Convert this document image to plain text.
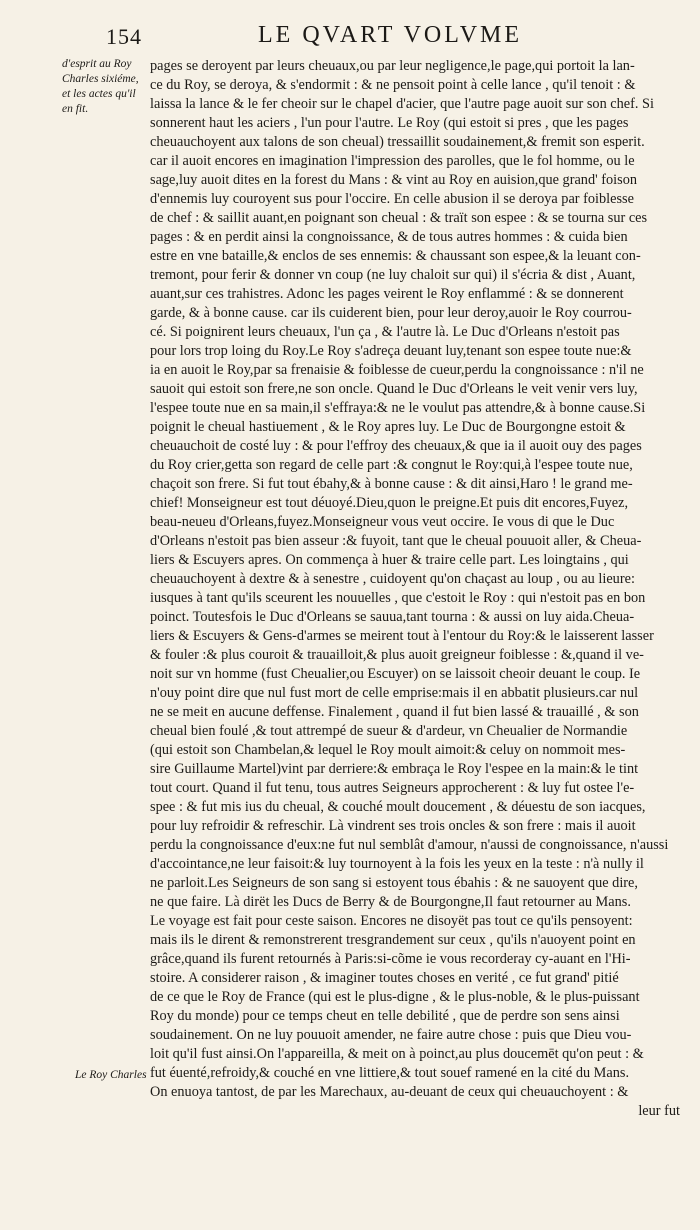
154	LE QVART VOLVME
d'esprit au Roy
Charles sixiéme,
et les actes qu'il
en fit.
Le Roy Charles
pages se deroyent par leurs cheuaux,ou par leur negligence,le page,qui portoit la lan-
ce du Roy, se deroya, & s'endormit : & ne pensoit point à celle lance , qu'il tenoit : &
laissa la lance & le fer cheoir sur le chapel d'acier, que l'autre page auoit sur son chef. Si
sonnerent haut les aciers , l'un pour l'autre. Le Roy (qui estoit si pres , que les pages
cheuauchoyent aux talons de son cheual) tressaillit soudainement,& fremit son esperit.
car il auoit encores en imagination l'impression des parolles, que le fol homme, ou le
sage,luy auoit dites en la forest du Mans : & vint au Roy en auision,que grand' foison
d'ennemis luy couroyent sus pour l'occire. En celle abusion il se deroya par foiblesse
de chef : & saillit auant,en poignant son cheual : & traït son espee : & se tourna sur ces
pages : & en perdit ainsi la congnoissance, & de tous autres hommes : & cuida bien
estre en vne bataille,& enclos de ses ennemis: & chaussant son espee,& la leuant con-
tremont, pour ferir & donner vn coup (ne luy chaloit sur qui) il s'écria & dist , Auant,
auant,sur ces trahistres. Adonc les pages veirent le Roy enflammé : & se donnerent
garde, & à bonne cause. car ils cuiderent bien, pour leur deroy,auoir le Roy courrou-
cé. Si poignirent leurs cheuaux, l'un ça , & l'autre là. Le Duc d'Orleans n'estoit pas
pour lors trop loing du Roy.Le Roy s'adreça deuant luy,tenant son espee toute nue:&
ia en auoit le Roy,par sa frenaisie & foiblesse de cueur,perdu la congnoissance : n'il ne
sauoit qui estoit son frere,ne son oncle. Quand le Duc d'Orleans le veit venir vers luy,
l'espee toute nue en sa main,il s'effraya:& ne le voulut pas attendre,& à bonne cause.Si
poignit le cheual hastiuement , & le Roy apres luy. Le Duc de Bourgongne estoit &
cheuauchoit de costé luy : & pour l'effroy des cheuaux,& que ia il auoit ouy des pages
du Roy crier,getta son regard de celle part :& congnut le Roy:qui,à l'espee toute nue,
chaçoit son frere. Si fut tout ébahy,& à bonne cause : & dit ainsi,Haro ! le grand me-
chief! Monseigneur est tout déuoyé.Dieu,quon le preigne.Et puis dit encores,Fuyez,
beau-neueu d'Orleans,fuyez.Monseigneur vous veut occire. Ie vous di que le Duc
d'Orleans n'estoit pas bien asseur :& fuyoit, tant que le cheual pouuoit aller, & Cheua-
liers & Escuyers apres. On commença à huer & traire celle part. Les loingtains , qui
cheuauchoyent à dextre & à senestre , cuidoyent qu'on chaçast au loup , ou au lieure:
iusques à tant qu'ils sceurent les nouuelles , que c'estoit le Roy : qui n'estoit pas en bon
poinct. Toutesfois le Duc d'Orleans se sauua,tant tourna : & aussi on luy aida.Cheua-
liers & Escuyers & Gens-d'armes se meirent tout à l'entour du Roy:& le laisserent lasser
& fouler :& plus couroit & trauailloit,& plus auoit greigneur foiblesse : &,quand il ve-
noit sur vn homme (fust Cheualier,ou Escuyer) on se laissoit cheoir deuant le coup. Ie
n'ouy point dire que nul fust mort de celle emprise:mais il en abbatit plusieurs.car nul
ne se meit en aucune deffense. Finalement , quand il fut bien lassé & trauaillé , & son
cheual bien foulé ,& tout attrempé de sueur & d'ardeur, vn Cheualier de Normandie
(qui estoit son Chambelan,& lequel le Roy moult aimoit:& celuy on nommoit mes-
sire Guillaume Martel)vint par derriere:& embraça le Roy l'espee en la main:& le tint
tout court. Quand il fut tenu, tous autres Seigneurs approcherent : & luy fut ostee l'e-
spee : & fut mis ius du cheual, & couché moult doucement , & déuestu de son iacques,
pour luy refroidir & refreschir. Là vindrent ses trois oncles & son frere : mais il auoit
perdu la congnoissance d'eux:ne fut nul semblât d'amour, n'aussi de congnoissance, n'aussi
d'accointance,ne leur faisoit:& luy tournoyent à la fois les yeux en la teste : n'à nully il
ne parloit.Les Seigneurs de son sang si estoyent tous ébahis : & ne sauoyent que dire,
ne que faire. Là dirët les Ducs de Berry & de Bourgongne,Il faut retourner au Mans.
Le voyage est fait pour ceste saison. Encores ne disoyët pas tout ce qu'ils pensoyent:
mais ils le dirent & remonstrerent tresgrandement sur ceux , qu'ils n'auoyent point en
grâce,quand ils furent retournés à Paris:si-cõme ie vous recorderay cy-auant en l'Hi-
stoire. A considerer raison , & imaginer toutes choses en verité , ce fut grand' pitié
de ce que le Roy de France (qui est le plus-digne , & le plus-noble, & le plus-puissant
Roy du monde) pour ce temps cheut en telle debilité , que de perdre son sens ainsi
soudainement. On ne luy pouuoit amender, ne faire autre chose : puis que Dieu vou-
loit qu'il fust ainsi.On l'appareilla, & meit on à poinct,au plus doucemēt qu'on peut : &
fut éuenté,refroidy,& couché en vne littiere,& tout souef ramené en la cité du Mans.
On enuoya tantost, de par les Marechaux, au-deuant de ceux qui cheuauchoyent : &
leur fut
